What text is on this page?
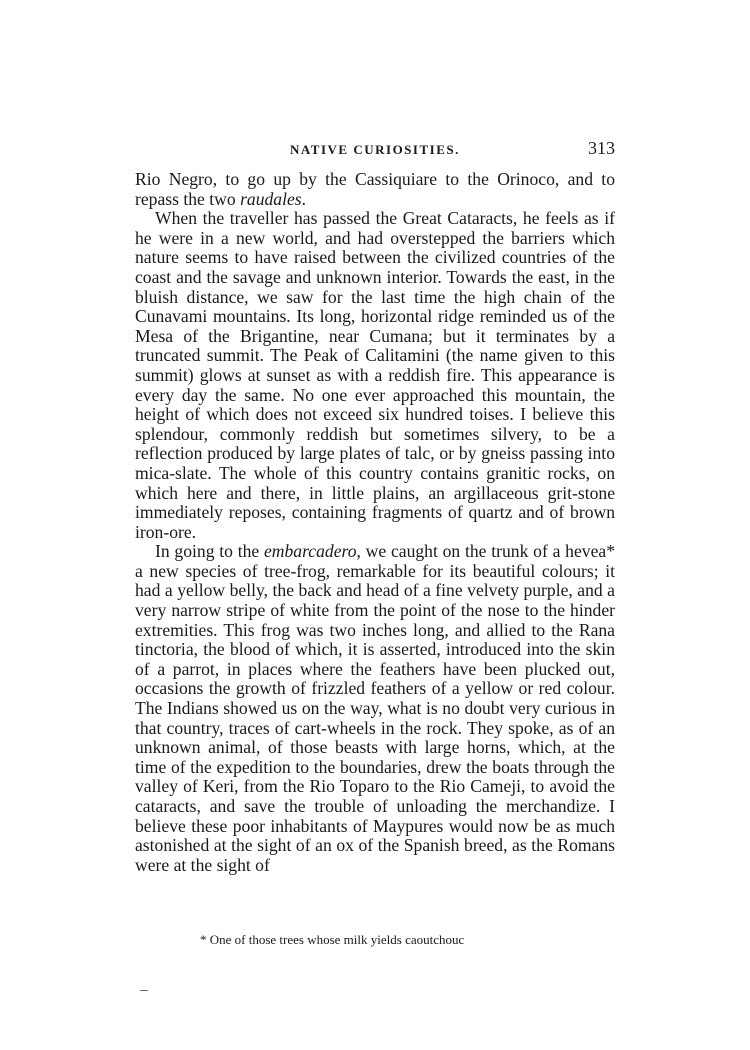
NATIVE CURIOSITIES.	313

Rio Negro, to go up by the Cassiquiare to the Orinoco, and to repass the two raudales.

When the traveller has passed the Great Cataracts, he feels as if he were in a new world, and had overstepped the barriers which nature seems to have raised between the civilized countries of the coast and the savage and unknown interior. Towards the east, in the bluish distance, we saw for the last time the high chain of the Cunavami mountains. Its long, horizontal ridge reminded us of the Mesa of the Brigantine, near Cumana; but it terminates by a truncated summit. The Peak of Calitamini (the name given to this summit) glows at sunset as with a reddish fire. This appearance is every day the same. No one ever approached this mountain, the height of which does not exceed six hundred toises. I believe this splendour, commonly reddish but sometimes silvery, to be a reflection produced by large plates of talc, or by gneiss passing into mica-slate. The whole of this country contains granitic rocks, on which here and there, in little plains, an argillaceous grit-stone immediately reposes, containing fragments of quartz and of brown iron-ore.

In going to the embarcadero, we caught on the trunk of a hevea* a new species of tree-frog, remarkable for its beautiful colours; it had a yellow belly, the back and head of a fine velvety purple, and a very narrow stripe of white from the point of the nose to the hinder extremities. This frog was two inches long, and allied to the Rana tinctoria, the blood of which, it is asserted, introduced into the skin of a parrot, in places where the feathers have been plucked out, occasions the growth of frizzled feathers of a yellow or red colour. The Indians showed us on the way, what is no doubt very curious in that country, traces of cart-wheels in the rock. They spoke, as of an unknown animal, of those beasts with large horns, which, at the time of the expedition to the boundaries, drew the boats through the valley of Keri, from the Rio Toparo to the Rio Cameji, to avoid the cataracts, and save the trouble of unloading the merchandize. I believe these poor inhabitants of Maypures would now be as much astonished at the sight of an ox of the Spanish breed, as the Romans were at the sight of

* One of those trees whose milk yields caoutchouc
